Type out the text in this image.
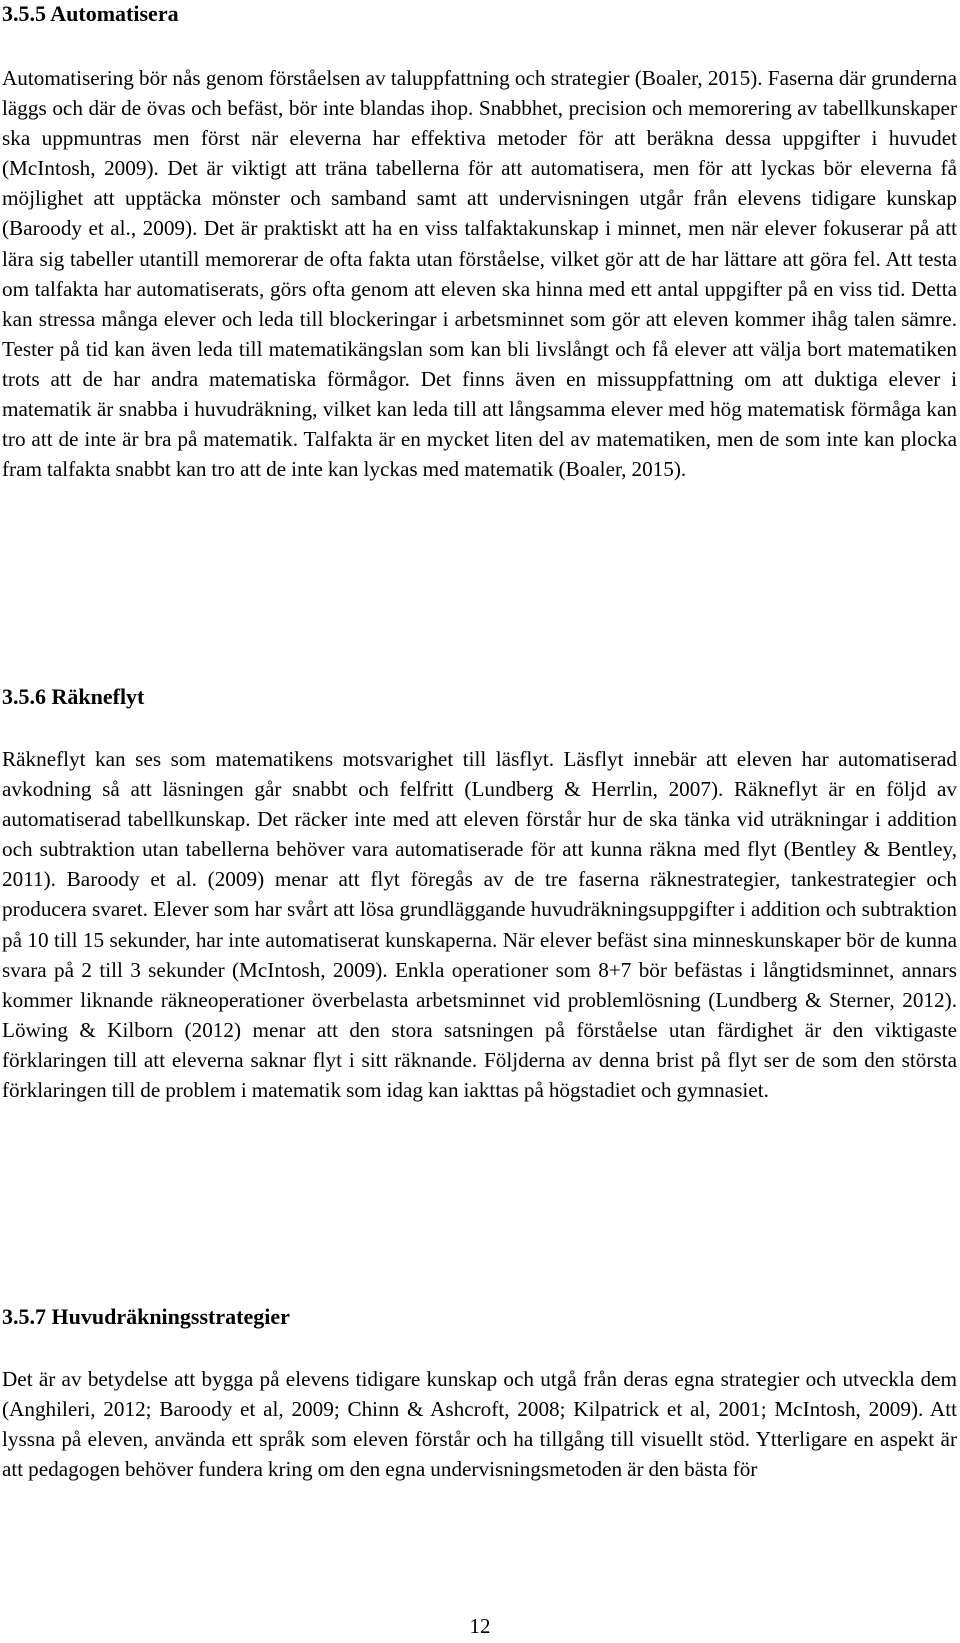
3.5.5 Automatisera

Automatisering bör nås genom förståelsen av taluppfattning och strategier (Boaler, 2015). Faserna där grunderna läggs och där de övas och befäst, bör inte blandas ihop. Snabbhet, precision och memorering av tabellkunskaper ska uppmuntras men först när eleverna har effektiva metoder för att beräkna dessa uppgifter i huvudet (McIntosh, 2009). Det är viktigt att träna tabellerna för att automatisera, men för att lyckas bör eleverna få möjlighet att upptäcka mönster och samband samt att undervisningen utgår från elevens tidigare kunskap (Baroody et al., 2009). Det är praktiskt att ha en viss talfaktakunskap i minnet, men när elever fokuserar på att lära sig tabeller utantill memorerar de ofta fakta utan förståelse, vilket gör att de har lättare att göra fel. Att testa om talfakta har automatiserats, görs ofta genom att eleven ska hinna med ett antal uppgifter på en viss tid. Detta kan stressa många elever och leda till blockeringar i arbetsminnet som gör att eleven kommer ihåg talen sämre. Tester på tid kan även leda till matematikängslan som kan bli livslångt och få elever att välja bort matematiken trots att de har andra matematiska förmågor. Det finns även en missuppfattning om att duktiga elever i matematik är snabba i huvudräkning, vilket kan leda till att långsamma elever med hög matematisk förmåga kan tro att de inte är bra på matematik. Talfakta är en mycket liten del av matematiken, men de som inte kan plocka fram talfakta snabbt kan tro att de inte kan lyckas med matematik (Boaler, 2015).

3.5.6 Räkneflyt

Räkneflyt kan ses som matematikens motsvarighet till läsflyt. Läsflyt innebär att eleven har automatiserad avkodning så att läsningen går snabbt och felfritt (Lundberg & Herrlin, 2007). Räkneflyt är en följd av automatiserad tabellkunskap. Det räcker inte med att eleven förstår hur de ska tänka vid uträkningar i addition och subtraktion utan tabellerna behöver vara automatiserade för att kunna räkna med flyt (Bentley & Bentley, 2011). Baroody et al. (2009) menar att flyt föregås av de tre faserna räknestrategier, tankestrategier och producera svaret. Elever som har svårt att lösa grundläggande huvudräkningsuppgifter i addition och subtraktion på 10 till 15 sekunder, har inte automatiserat kunskaperna. När elever befäst sina minneskunskaper bör de kunna svara på 2 till 3 sekunder (McIntosh, 2009). Enkla operationer som 8+7 bör befästas i långtidsminnet, annars kommer liknande räkneoperationer överbelasta arbetsminnet vid problemlösning (Lundberg & Sterner, 2012). Löwing & Kilborn (2012) menar att den stora satsningen på förståelse utan färdighet är den viktigaste förklaringen till att eleverna saknar flyt i sitt räknande. Följderna av denna brist på flyt ser de som den största förklaringen till de problem i matematik som idag kan iakttas på högstadiet och gymnasiet.

3.5.7 Huvudräkningsstrategier

Det är av betydelse att bygga på elevens tidigare kunskap och utgå från deras egna strategier och utveckla dem (Anghileri, 2012; Baroody et al, 2009; Chinn & Ashcroft, 2008; Kilpatrick et al, 2001; McIntosh, 2009). Att lyssna på eleven, använda ett språk som eleven förstår och ha tillgång till visuellt stöd. Ytterligare en aspekt är att pedagogen behöver fundera kring om den egna undervisningsmetoden är den bästa för

12
